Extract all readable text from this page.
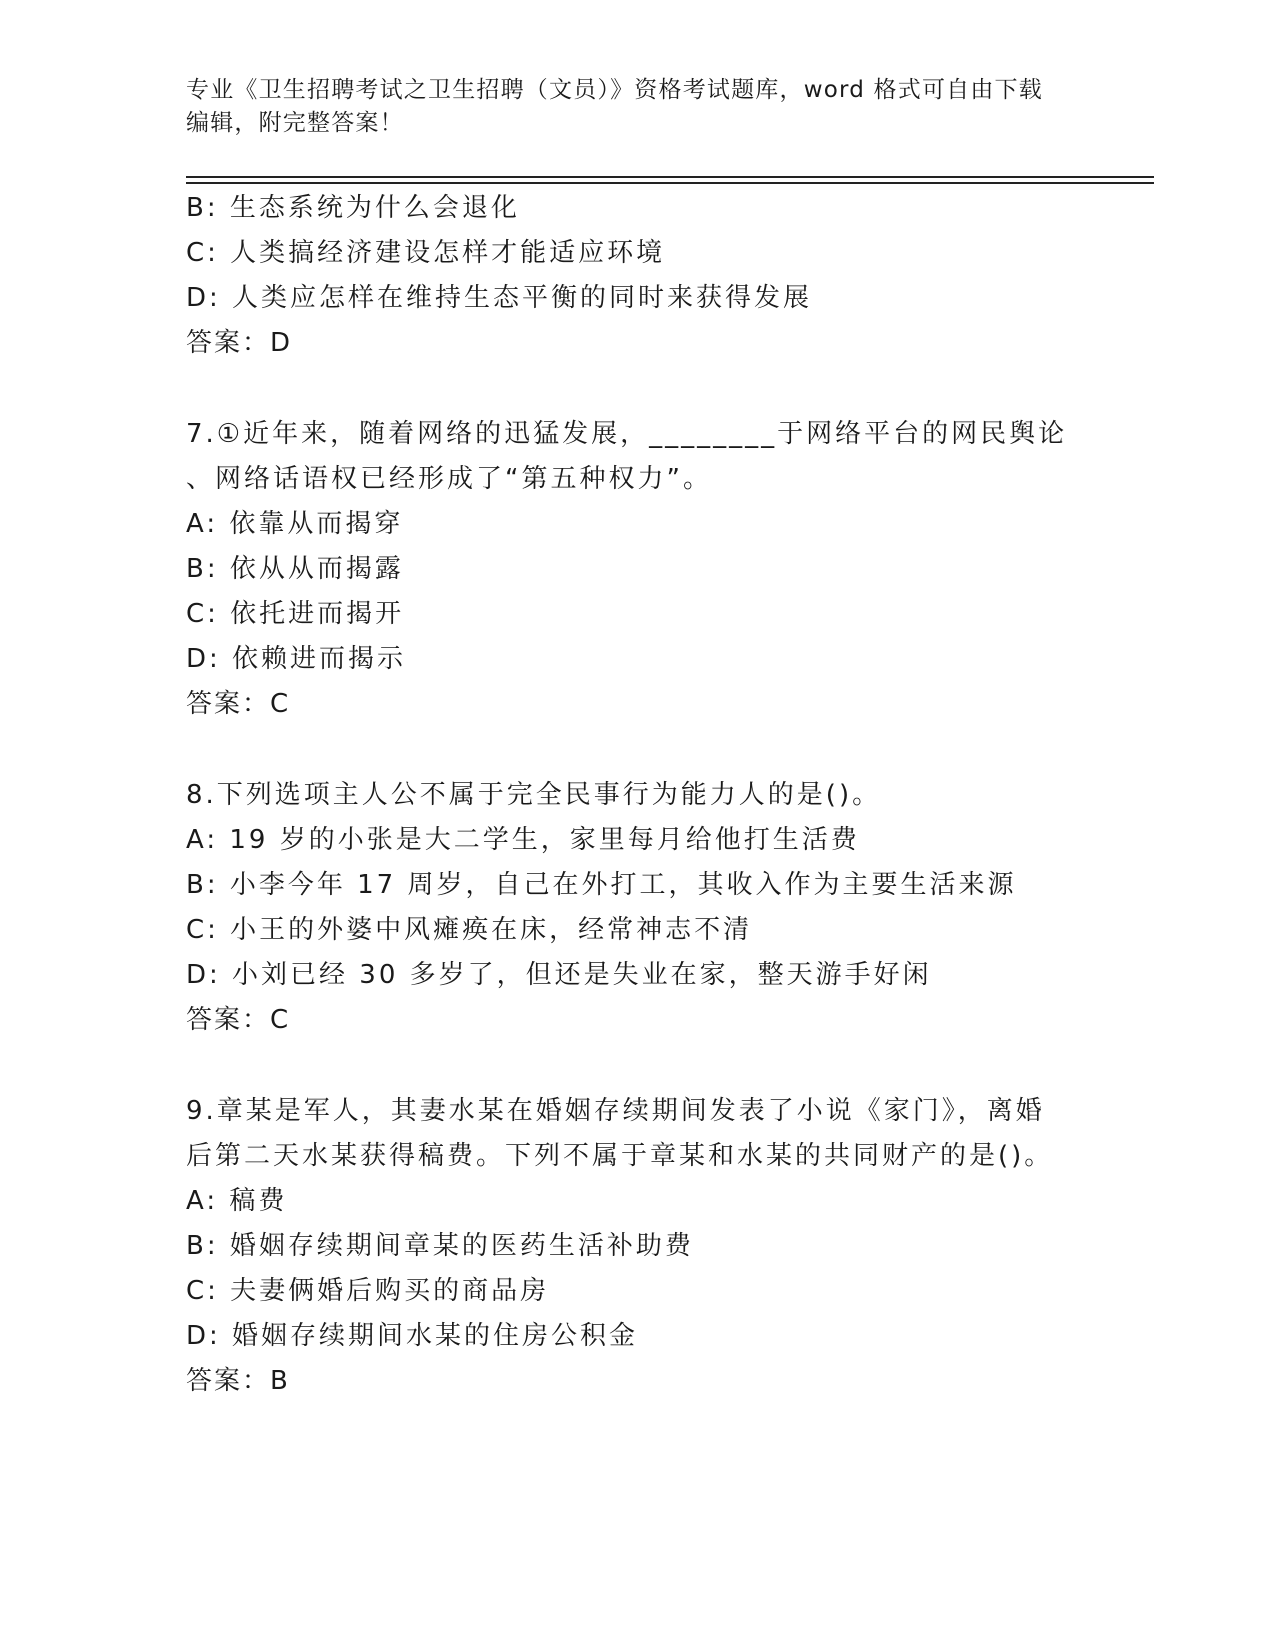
专业《卫生招聘考试之卫生招聘（文员）》资格考试题库，word 格式可自由下载
编辑，附完整答案！
B: 生态系统为什么会退化
C: 人类搞经济建设怎样才能适应环境
D: 人类应怎样在维持生态平衡的同时来获得发展
答案：D
7.①近年来，随着网络的迅猛发展，________于网络平台的网民舆论
、网络话语权已经形成了“第五种权力”。
A: 依靠从而揭穿
B: 依从从而揭露
C: 依托进而揭开
D: 依赖进而揭示
答案：C
8.下列选项主人公不属于完全民事行为能力人的是()。
A: 19 岁的小张是大二学生，家里每月给他打生活费
B: 小李今年 17 周岁，自己在外打工，其收入作为主要生活来源
C: 小王的外婆中风瘫痪在床，经常神志不清
D: 小刘已经 30 多岁了，但还是失业在家，整天游手好闲
答案：C
9.章某是军人，其妻水某在婚姻存续期间发表了小说《家门》，离婚
后第二天水某获得稿费。下列不属于章某和水某的共同财产的是()。
A: 稿费
B: 婚姻存续期间章某的医药生活补助费
C: 夫妻俩婚后购买的商品房
D: 婚姻存续期间水某的住房公积金
答案：B
